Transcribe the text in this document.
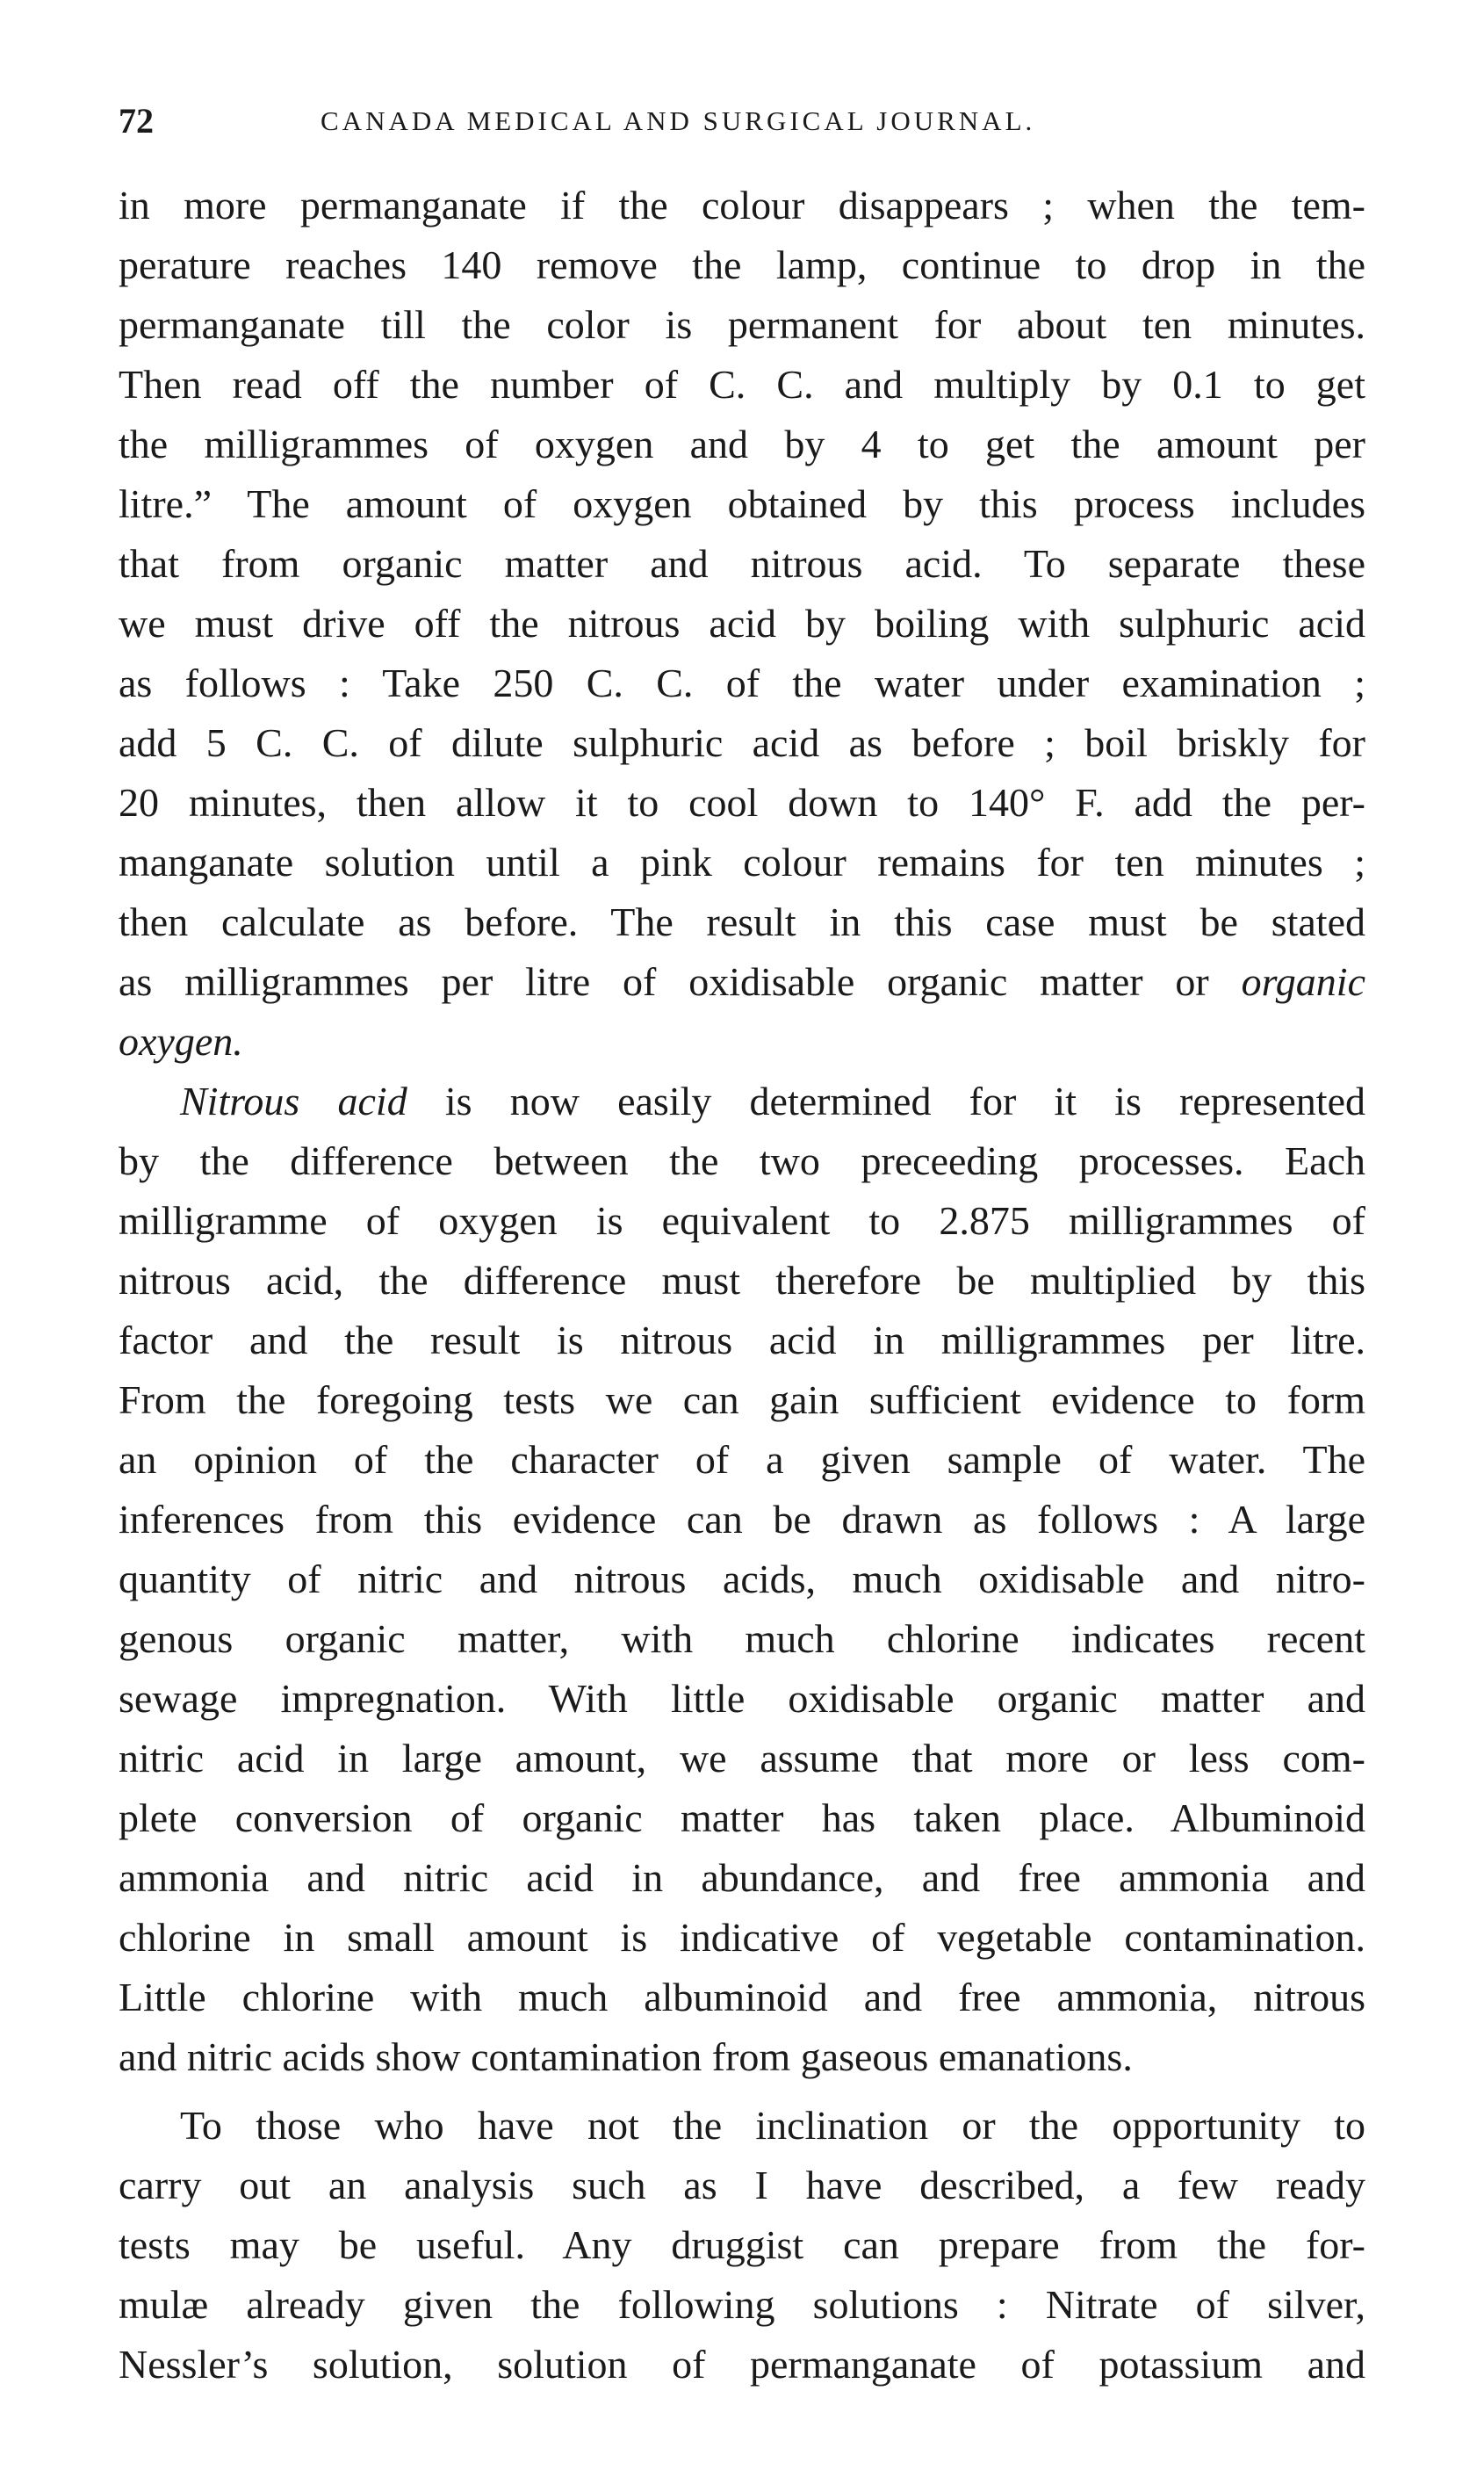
72	CANADA MEDICAL AND SURGICAL JOURNAL.
in more permanganate if the colour disappears ; when the tem-
perature reaches 140 remove the lamp, continue to drop in the
permanganate till the color is permanent for about ten minutes.
Then read off the number of C. C. and multiply by 0.1 to get
the milligrammes of oxygen and by 4 to get the amount per
litre.” The amount of oxygen obtained by this process includes
that from organic matter and nitrous acid. To separate these
we must drive off the nitrous acid by boiling with sulphuric acid
as follows : Take 250 C. C. of the water under examination ;
add 5 C. C. of dilute sulphuric acid as before ; boil briskly for
20 minutes, then allow it to cool down to 140° F. add the per-
manganate solution until a pink colour remains for ten minutes ;
then calculate as before. The result in this case must be stated
as milligrammes per litre of oxidisable organic matter or organic
oxygen.
Nitrous acid is now easily determined for it is represented
by the difference between the two preceeding processes. Each
milligramme of oxygen is equivalent to 2.875 milligrammes of
nitrous acid, the difference must therefore be multiplied by this
factor and the result is nitrous acid in milligrammes per litre.
From the foregoing tests we can gain sufficient evidence to form
an opinion of the character of a given sample of water. The
inferences from this evidence can be drawn as follows : A large
quantity of nitric and nitrous acids, much oxidisable and nitro-
genous organic matter, with much chlorine indicates recent
sewage impregnation. With little oxidisable organic matter and
nitric acid in large amount, we assume that more or less com-
plete conversion of organic matter has taken place. Albuminoid
ammonia and nitric acid in abundance, and free ammonia and
chlorine in small amount is indicative of vegetable contamination.
Little chlorine with much albuminoid and free ammonia, nitrous
and nitric acids show contamination from gaseous emanations.
To those who have not the inclination or the opportunity to
carry out an analysis such as I have described, a few ready
tests may be useful. Any druggist can prepare from the for-
mulæ already given the following solutions : Nitrate of silver,
Nessler’s solution, solution of permanganate of potassium and
